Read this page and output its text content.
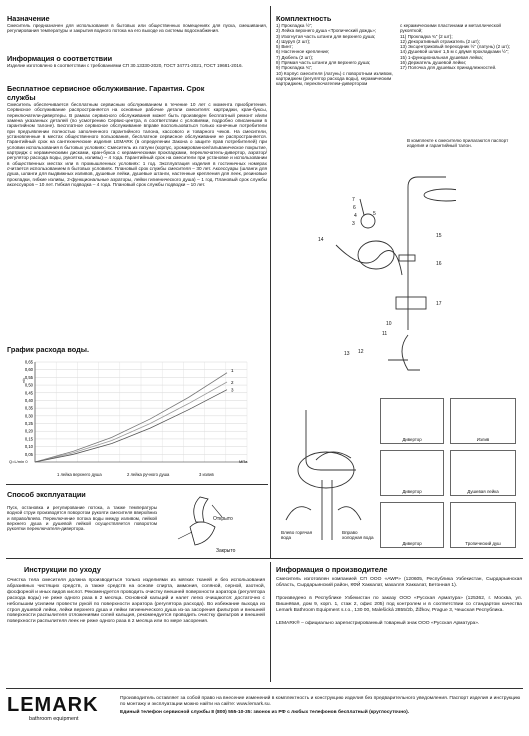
Назначение
Смеситель предназначен для использования в бытовых или общественных помещениях для пуска, смешивания, регулирования температуры и закрытия водного потока на его выходе из системы водоснабжения.
Информация о соответствии
Изделие изготовлено в соответствии с требованиями СП 30.13330-2020, ГОСТ 34771-2021, ГОСТ 19681-2016.
Бесплатное сервисное обслуживание. Гарантия. Срок службы
Смеситель обеспечивается бесплатным сервисным обслуживанием в течение 10 лет с момента приобретения. Сервисное обслуживание распространяется на основные рабочие детали смесителя: картриджи, кран-буксы, переключатели-дивертеры. В рамках сервисного обслуживания может быть произведен бесплатный ремонт и/или замена указанных деталей (по усмотрению Сервис-центра, в соответствии с условиями, подробно описанными в гарантийном талоне). Бесплатное сервисное обслуживание вправе воспользоваться только конечные потребители при предъявлении полностью заполненного гарантийного талона, кассового и товарного чеков. На смесители, установленные в местах общественного пользования, бесплатное сервисное обслуживание не распространяется. Гарантийный срок на сантехнические изделия LEMARK (в определении Закона о защите прав потребителей) при условии использования в бытовых условиях: Смеситель из латуни (корпус, хромированное/гальваническое покрытие, картридж с керамическими дисками, кран-букса с керамическими прокладками, переключатель-дивертор, аэратор/регулятор расхода воды, рукоятка, изливы) – 4 года. Гарантийный срок на смесители при установке и использовании в общественных местах или в промышленных условиях: 1 год. Эксплуатация изделия в гостиничных номерах считается использованием в бытовых условиях. Плановый срок службы смесителя – 30 лет. Аксессуары (шланги для душа, шланги для выдвижных изливов, душевые лейки, душевые штанги, настенные крепления для леек, резиновые прокладки, гибкие изливы, 2-функциональные аэраторы, лейки гигиенического душа) – 1 год. Плановый срок службы аксессуаров – 10 лет. Гибкая подводка – 4 года. Плановый срок службы подводки – 10 лет.
График расхода воды.
0,65
0,60
0,55
0,50
0,45
0,40
0,35
0,30
0,25
0,20
0,15
0,10
0,05
1
2
3
л/с
Q=L/min 0	МПа
1 лейка верхнего душа	2 лейка ручного душа	3 излив
Способ эксплуатации
Пуск, остановка и регулирование потока, а также температуры водной струи производятся поворотом рукояти смесителя вверх/вниз и вправо/влево. Переключение потока воды между изливом, лейкой верхнего душа и душевой лейкой осуществляется поворотом рукоятки переключателя-дивертора.
Открыто
Закрыто
Комплектность
1) Прокладка ½";
2) Лейка верхнего душа «Тропический дождь»;
3) Изогнутая часть штанги для верхнего душа;
4) Шуруп (2 шт);
5) Винт;
6) Настенное крепление;
7) Дюбель (2 шт);
8) Прямая часть штанги для верхнего душа;
9) Прокладка ¾";
10) Корпус смесителя (латунь) с поворотным изливом, картриджем (регулятор расхода воды), керамическим картриджем, переключателем-дивертором
с керамическими пластинами и металлической рукояткой;
11) Прокладка ¾" (2 шт);
12) Декоративный отражатель (2 шт);
13) Эксцентриковый переходник ½" (латунь) (2 шт);
14) Душевой шланг 1,5 м с двумя прокладками ½";
15) 1-функциональная душевая лейка;
16) Держатель душевой лейки;
17) Полочка для душевых принадлежностей.
В комплекте к смесителю прилагаются паспорт изделия и гарантийный талон.
7
6
4	5
3
15
14
16
17
10
11
13 12
Дивертор	Излив
Дивертор	Душевая лейка
Дивертор	Тропический душ
Влево горячая вода
Вправо холодная вода
Инструкции по уходу
Очистка тела смесителя должна производиться только изделиями из мягких тканей и без использования абразивных чистящих средств, а также средств на основе спирта, аммония, соляной, серной, азотной, фосфорной и иных видов кислот. Рекомендуется проводить очистку внешней поверхности аэратора (регулятора расхода воды) не реже одного раза в 2 месяца. Основной кальций и налет легко очищаются: достаточно с небольшим усилием провести рукой по поверхности аэратора (регулятора расхода). Во избежание выхода из строя душевой лейки, лейки верхнего душа и лейки гигиенического душа из-за засорения фильтров и внешней поверхности распылителя отложениями солей кальция, рекомендуется проводить очистку фильтров и внешней поверхности распылителя леек не реже одного раза в 2 месяца или по мере засорения.
Информация о производителе
Смеситель изготовлен компанией СП ООО «AWP» (120605, Республика Узбекистан, Сырдарьинская область, Сырдарьинский район, КФЙ Хаккалат, махалля Хаккалат, Бетонная 1).
Произведено в Республике Узбекистан по заказу ООО «Русская Арматура» (125362, г. Москва, ул. Вишнёвая, дом 9, корп. 1, стаж 2, офис 205) под контролем и в соответствии со стандартом качества Lemark Bathroom Equipment s.r.o., 130 00, Malešická 2855/2b, Žižkov, Prague 3, Чешская Республика.
LEMARK® – официально зарегистрированный товарный знак ООО «Русская Арматура».
LEMARK
bathroom equipment
Производитель оставляет за собой право на внесение изменений в комплектность и конструкцию изделия без предварительного уведомления. Паспорт изделия и инструкцию по монтажу и эксплуатации можно найти на сайте: www.lemark.su.
Единый телефон сервисной службы 8 (800) 555-10-35: звонок из РФ с любых телефонов бесплатный (круглосуточно).
